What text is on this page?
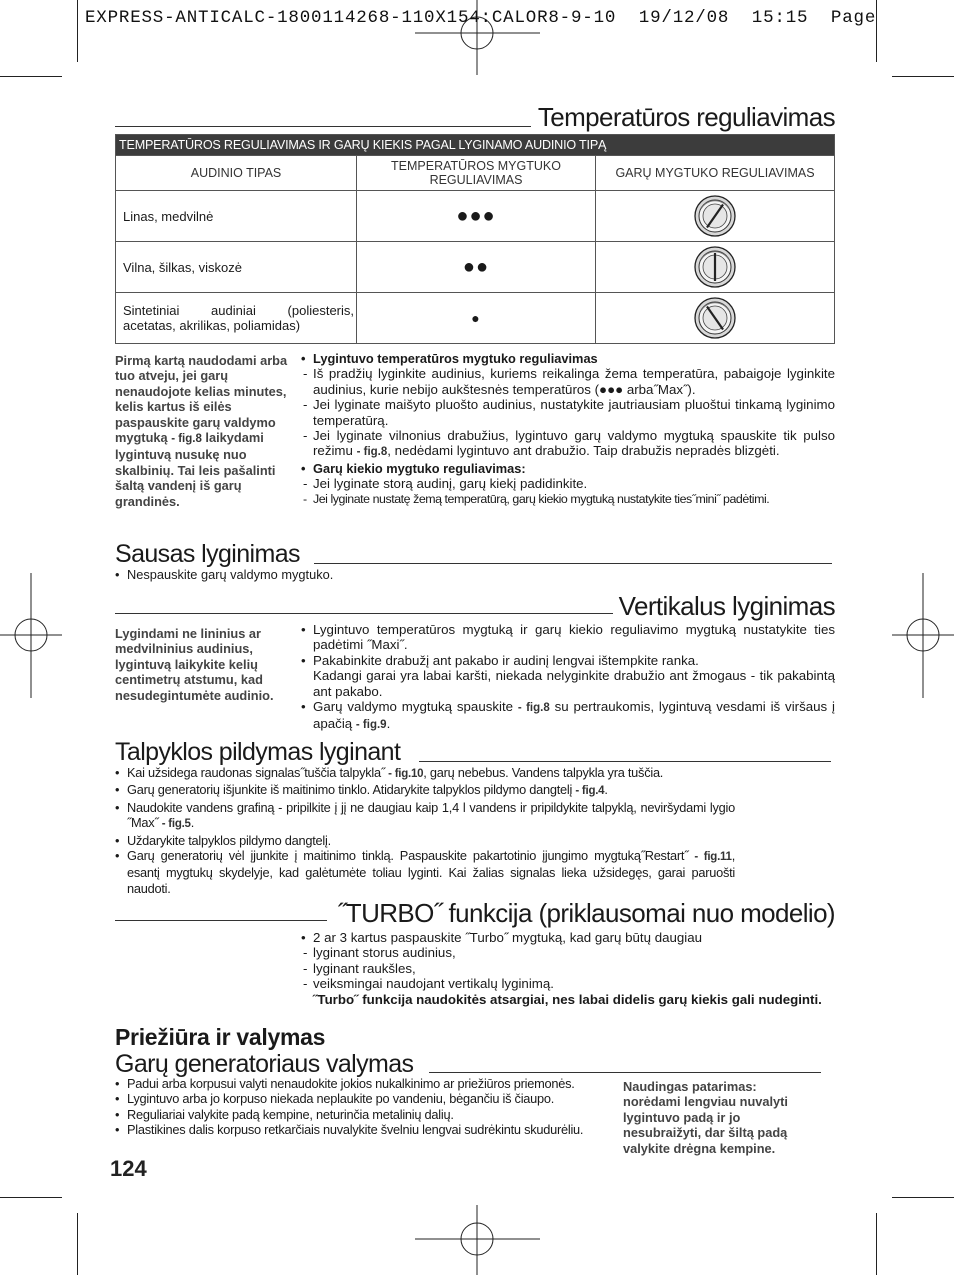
EXPRESS-ANTICALC-1800114268-110X154:CALOR8-9-10  19/12/08  15:15  Page
Temperatūros reguliavimas
TEMPERATŪROS REGULIAVIMAS IR GARŲ KIEKIS PAGAL LYGINAMO AUDINIO TIPĄ
AUDINIO TIPAS	TEMPERATŪROS MYGTUKO REGULIAVIMAS	GARŲ MYGTUKO REGULIAVIMAS
Linas, medvilnė	●●●
Vilna, šilkas, viskozė	●●
Sintetiniai audiniai (poliesteris, acetatas, akrilikas, poliamidas)	●
Pirmą kartą naudodami arba tuo atveju, jei garų nenaudojote kelias minutes, kelis kartus iš eilės paspauskite garų valdymo mygtuką - fig.8 laikydami lygintuvą nusukę nuo skalbinių. Tai leis pašalinti šaltą vandenį iš garų grandinės.
• Lygintuvo temperatūros mygtuko reguliavimas
- Iš pradžių lyginkite audinius, kuriems reikalinga žema temperatūra, pabaigoje lyginkite audinius, kurie nebijo aukštesnės temperatūros (●●● arba˝Max˝).
- Jei lyginate maišyto pluošto audinius, nustatykite jautriausiam pluoštui tinkamą lyginimo temperatūrą.
- Jei lyginate vilnonius drabužius, lygintuvo garų valdymo mygtuką spauskite tik pulso režimu - fig.8, nedėdami lygintuvo ant drabužio. Taip drabužis nepradės blizgėti.
• Garų kiekio mygtuko reguliavimas:
- Jei lyginate storą audinį, garų kiekį padidinkite.
- Jei lyginate nustatę žemą temperatūrą, garų kiekio mygtuką nustatykite ties˝mini˝ padėtimi.
Sausas lyginimas
• Nespauskite garų valdymo mygtuko.
Vertikalus lyginimas
Lygindami ne lininius ar medvilninius audinius, lygintuvą laikykite kelių centimetrų atstumu, kad nesudegintumėte audinio.
• Lygintuvo temperatūros mygtuką ir garų kiekio reguliavimo mygtuką nustatykite ties padėtimi ˝Maxi˝.
• Pakabinkite drabužį ant pakabo ir audinį lengvai ištempkite ranka.
Kadangi garai yra labai karšti, niekada nelyginkite drabužio ant žmogaus - tik pakabintą ant pakabo.
• Garų valdymo mygtuką spauskite - fig.8 su pertraukomis, lygintuvą vesdami iš viršaus į apačią - fig.9.
Talpyklos pildymas lyginant
• Kai užsidega raudonas signalas˝tuščia talpykla˝ - fig.10, garų nebebus. Vandens talpykla yra tuščia.
• Garų generatorių išjunkite iš maitinimo tinklo. Atidarykite talpyklos pildymo dangtelį - fig.4.
• Naudokite vandens grafiną - pripilkite į jį ne daugiau kaip 1,4 l vandens ir pripildykite talpyklą, neviršydami lygio ˝Max˝ - fig.5.
• Uždarykite talpyklos pildymo dangtelį.
• Garų generatorių vėl įjunkite į maitinimo tinklą. Paspauskite pakartotinio įjungimo mygtuką˝Restart˝ - fig.11, esantį mygtukų skydelyje, kad galėtumėte toliau lyginti. Kai žalias signalas lieka užsidegęs, garai paruošti naudoti.
˝TURBO˝ funkcija (priklausomai nuo modelio)
• 2 ar 3 kartus paspauskite ˝Turbo˝ mygtuką, kad garų būtų daugiau
- lyginant storus audinius,
- lyginant raukšles,
- veiksmingai naudojant vertikalų lyginimą.
˝Turbo˝ funkcija naudokitės atsargiai, nes labai didelis garų kiekis gali nudeginti.
Priežiūra ir valymas
Garų generatoriaus valymas
• Padui arba korpusui valyti nenaudokite jokios nukalkinimo ar priežiūros priemonės.
• Lygintuvo arba jo korpuso niekada neplaukite po vandeniu, bėgančiu iš čiaupo.
• Reguliariai valykite padą kempine, neturinčia metalinių dalių.
• Plastikines dalis korpuso retkarčiais nuvalykite švelniu lengvai sudrėkintu skudurėliu.
Naudingas patarimas: norėdami lengviau nuvalyti lygintuvo padą ir jo nesubraižyti, dar šiltą padą valykite drėgna kempine.
124
